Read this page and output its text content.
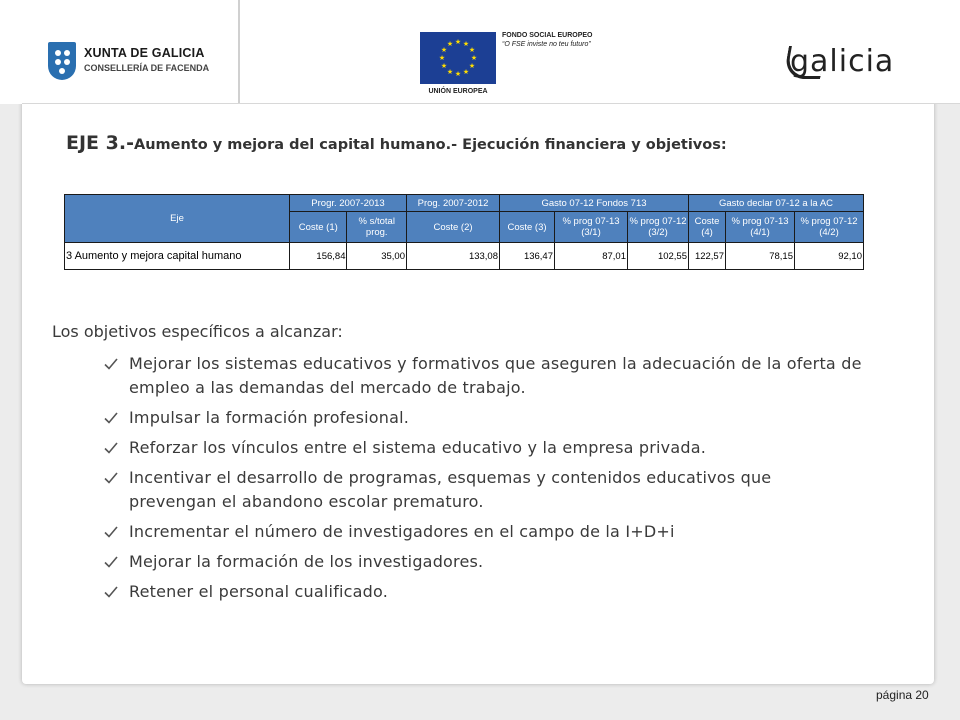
XUNTA DE GALICIA
CONSELLERÍA DE FACENDA
★ ★
★
★
★
★
★
★
★
★
★
★
UNIÓN EUROPEA
FONDO SOCIAL EUROPEO
“O FSE inviste no teu futuro”	galicia
EJE 3.-Aumento y mejora del capital humano.- Ejecución financiera y objetivos:
Eje	Progr. 2007-2013		Prog. 2007-2012	Gasto 07-12 Fondos 713			Gasto declar 07-12 a la AC		
	Coste (1)	% s/total prog.	Coste (2)	Coste (3)	% prog 07-13 (3/1)	% prog 07-12 (3/2)	Coste (4)	% prog 07-13 (4/1)	% prog 07-12 (4/2)
3 Aumento y mejora capital humano	156,84	35,00	133,08	136,47	87,01	102,55	122,57	78,15	92,10
Los objetivos específicos a alcanzar:
Mejorar los sistemas educativos y formativos que aseguren la adecuación de la oferta de empleo a las demandas del mercado de trabajo.
Impulsar la formación profesional.
Reforzar los vínculos entre el sistema educativo y la empresa privada.
Incentivar el desarrollo de programas, esquemas y contenidos educativos que prevengan el abandono escolar prematuro.
Incrementar el número de investigadores en el campo de la I+D+i
Mejorar la formación de los investigadores.
Retener el personal cualificado.
página 20
